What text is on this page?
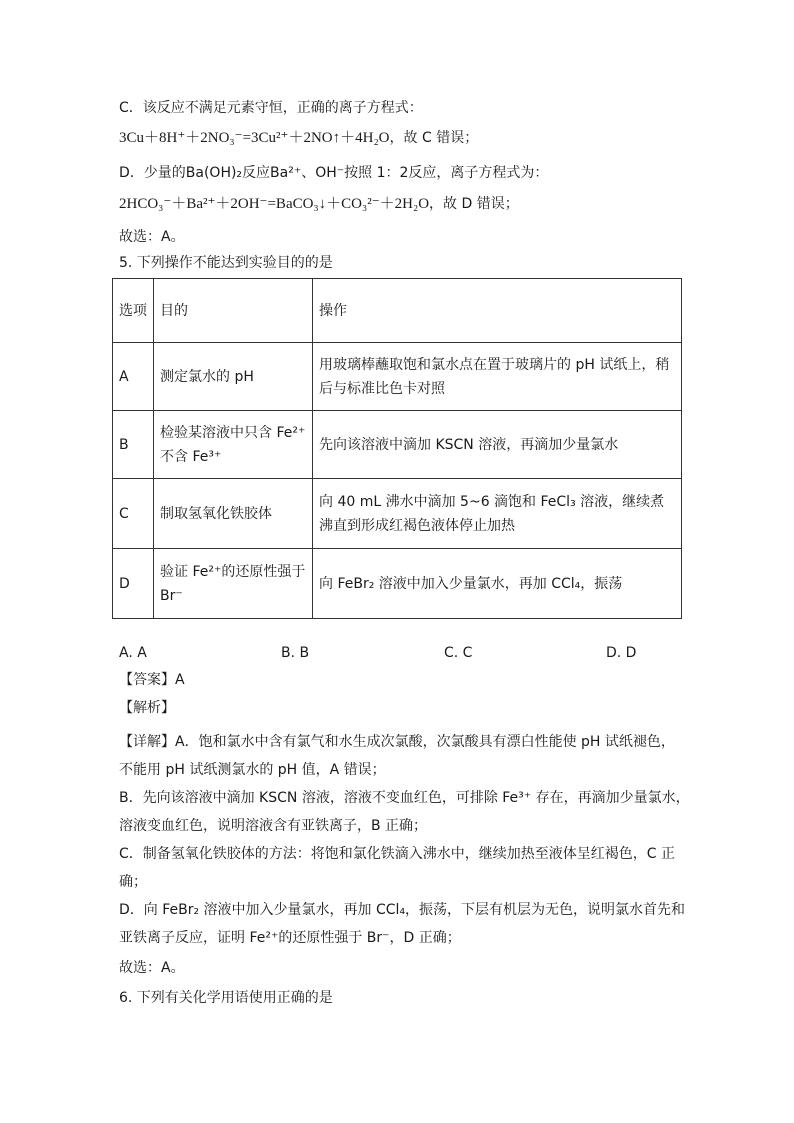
C．该反应不满足元素守恒，正确的离子方程式：
3Cu＋8H⁺＋2NO₃⁻=3Cu²⁺＋2NO↑＋4H₂O，故 C 错误；
D．少量的Ba(OH)₂反应Ba²⁺、OH⁻按照 1：2反应，离子方程式为：
2HCO₃⁻＋Ba²⁺＋2OH⁻=BaCO₃↓＋CO₃²⁻＋2H₂O，故 D 错误；
故选：A。
5. 下列操作不能达到实验目的的是
选项	目的	操作
A	测定氯水的 pH	用玻璃棒蘸取饱和氯水点在置于玻璃片的 pH 试纸上，稍后与标准比色卡对照
B	检验某溶液中只含 Fe²⁺不含 Fe³⁺	先向该溶液中滴加 KSCN 溶液，再滴加少量氯水
C	制取氢氧化铁胶体	向 40 mL 沸水中滴加 5~6 滴饱和 FeCl₃ 溶液，继续煮沸直到形成红褐色液体停止加热
D	验证 Fe²⁺的还原性强于 Br⁻	向 FeBr₂ 溶液中加入少量氯水，再加 CCl₄，振荡
A. A	B. B	C. C	D. D
【答案】A
【解析】
【详解】A．饱和氯水中含有氯气和水生成次氯酸，次氯酸具有漂白性能使 pH 试纸褪色，
不能用 pH 试纸测氯水的 pH 值，A 错误；
B．先向该溶液中滴加 KSCN 溶液，溶液不变血红色，可排除 Fe³⁺ 存在，再滴加少量氯水，
溶液变血红色，说明溶液含有亚铁离子，B 正确；
C．制备氢氧化铁胶体的方法：将饱和氯化铁滴入沸水中，继续加热至液体呈红褐色，C 正
确；
D．向 FeBr₂ 溶液中加入少量氯水，再加 CCl₄，振荡，下层有机层为无色，说明氯水首先和
亚铁离子反应，证明 Fe²⁺的还原性强于 Br⁻，D 正确；
故选：A。
6. 下列有关化学用语使用正确的是
